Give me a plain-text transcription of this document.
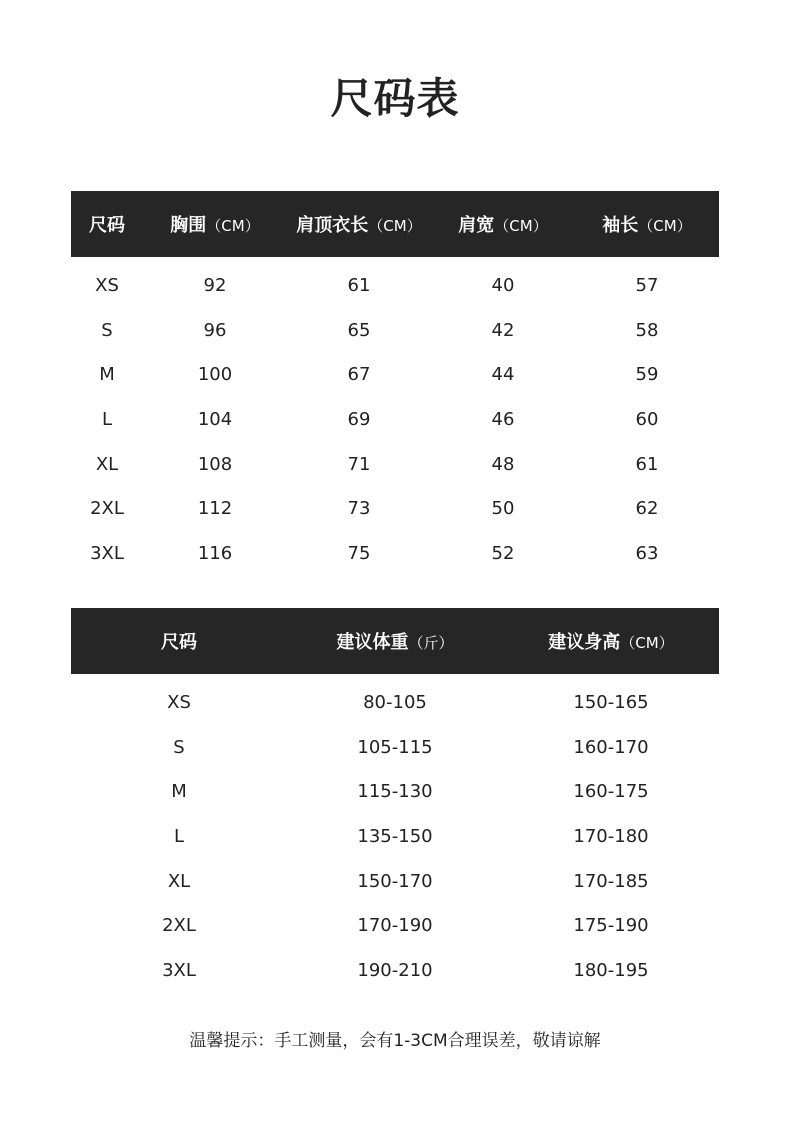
尺码表
尺码	胸围（CM）	肩顶衣长（CM）	肩宽（CM）	袖长（CM）
XS	92	61	40	57
S	96	65	42	58
M	100	67	44	59
L	104	69	46	60
XL	108	71	48	61
2XL	112	73	50	62
3XL	116	75	52	63
尺码	建议体重（斤）	建议身高（CM）
XS	80-105	150-165
S	105-115	160-170
M	115-130	160-175
L	135-150	170-180
XL	150-170	170-185
2XL	170-190	175-190
3XL	190-210	180-195
温馨提示：手工测量，会有1-3CM合理误差，敬请谅解
